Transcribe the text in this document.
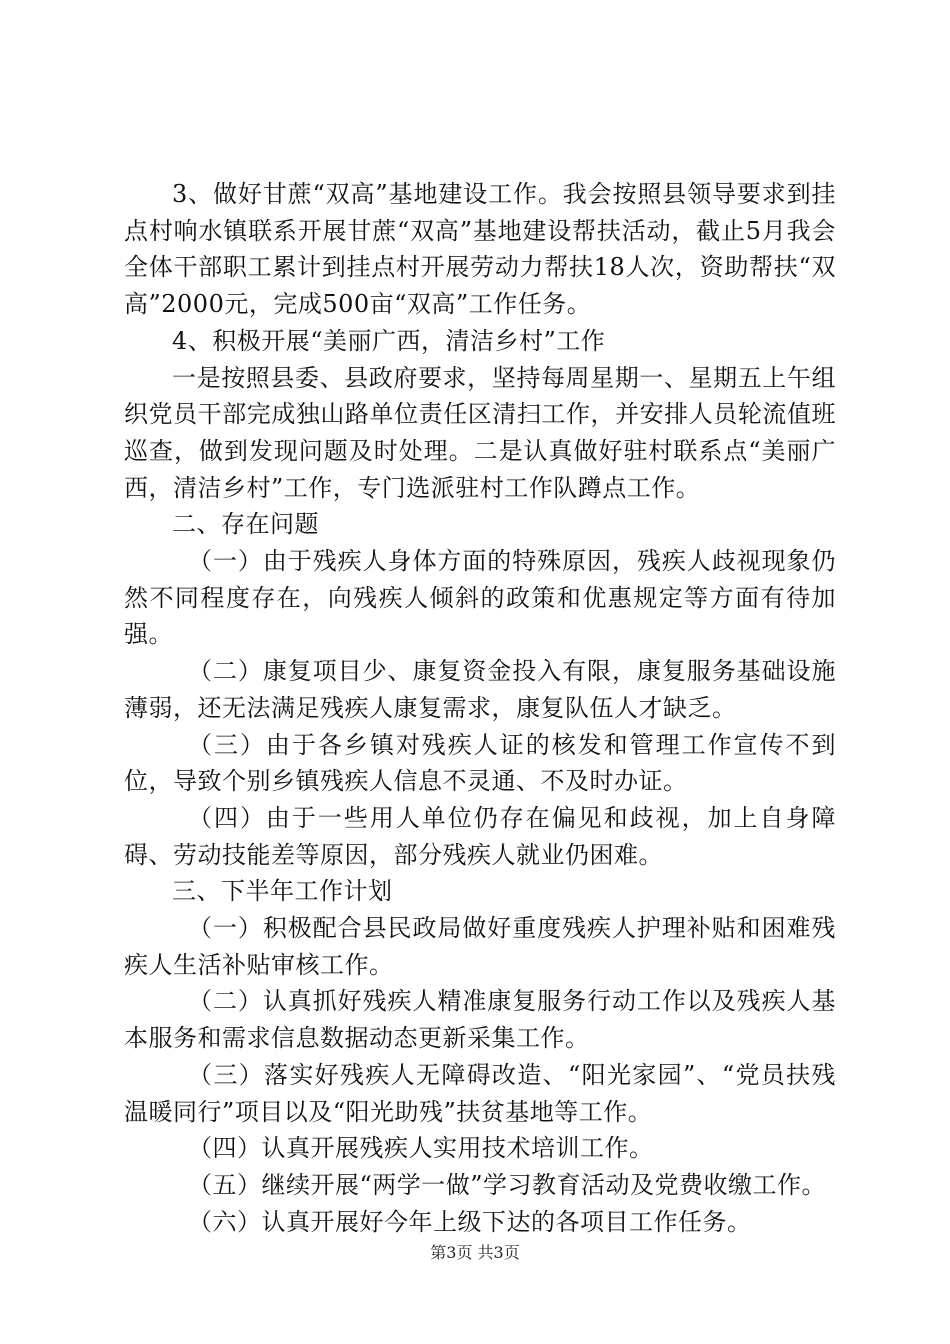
3、做好甘蔗“双高”基地建设工作。我会按照县领导要求到挂点村响水镇联系开展甘蔗“双高”基地建设帮扶活动，截止5月我会全体干部职工累计到挂点村开展劳动力帮扶18人次，资助帮扶“双高”2000元，完成500亩“双高”工作任务。

4、积极开展“美丽广西，清洁乡村”工作

一是按照县委、县政府要求，坚持每周星期一、星期五上午组织党员干部完成独山路单位责任区清扫工作，并安排人员轮流值班巡查，做到发现问题及时处理。二是认真做好驻村联系点“美丽广西，清洁乡村”工作，专门选派驻村工作队蹲点工作。

二、存在问题

（一）由于残疾人身体方面的特殊原因，残疾人歧视现象仍然不同程度存在，向残疾人倾斜的政策和优惠规定等方面有待加强。

（二）康复项目少、康复资金投入有限，康复服务基础设施薄弱，还无法满足残疾人康复需求，康复队伍人才缺乏。

（三）由于各乡镇对残疾人证的核发和管理工作宣传不到位，导致个别乡镇残疾人信息不灵通、不及时办证。

（四）由于一些用人单位仍存在偏见和歧视，加上自身障碍、劳动技能差等原因，部分残疾人就业仍困难。

三、下半年工作计划

（一）积极配合县民政局做好重度残疾人护理补贴和困难残疾人生活补贴审核工作。

（二）认真抓好残疾人精准康复服务行动工作以及残疾人基本服务和需求信息数据动态更新采集工作。

（三）落实好残疾人无障碍改造、“阳光家园”、“党员扶残温暖同行”项目以及“阳光助残”扶贫基地等工作。

（四）认真开展残疾人实用技术培训工作。

（五）继续开展“两学一做”学习教育活动及党费收缴工作。

（六）认真开展好今年上级下达的各项目工作任务。

第3页 共3页
